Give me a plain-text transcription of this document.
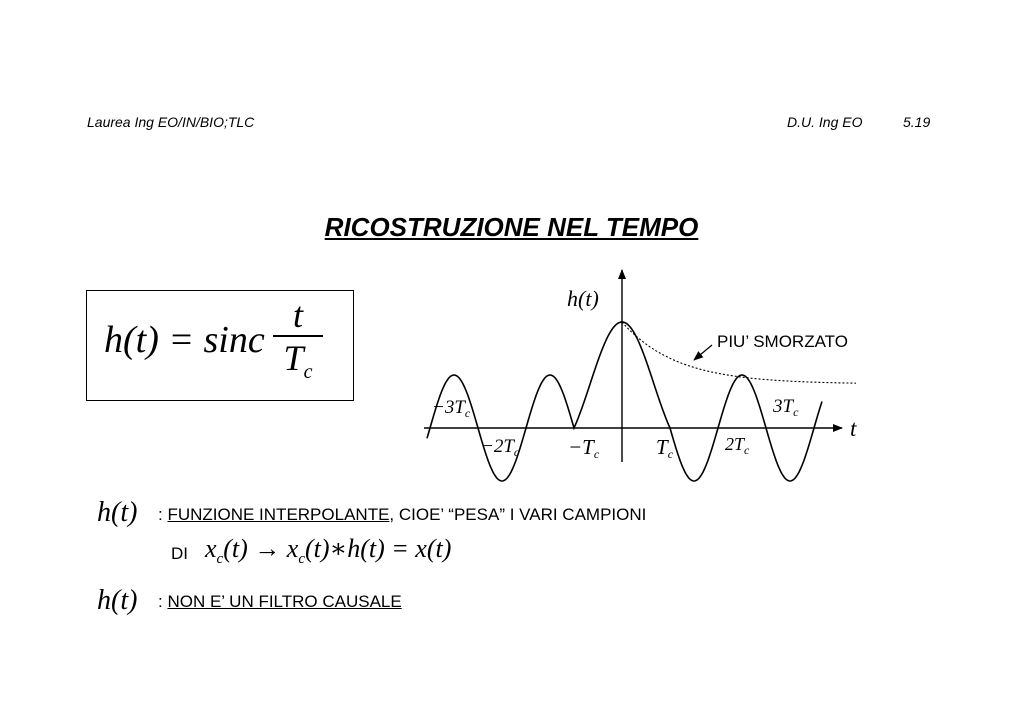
Laurea Ing EO/IN/BIO;TLC	D.U. Ing EO	5.19
RICOSTRUZIONE NEL TEMPO
h(t) = sinc
t
$T_c$
h(t)
t
PIU’ SMORZATO
$-3T_c$
$-2T_c -Tc$	Tc	$2T_c$
$3T_c$
h(t) : FUNZIONE INTERPOLANTE, CIOE’ “PESA” I VARI CAMPIONI
DI $x_c(t)$ → $x_c(t)∗h(t) = x(t)$
h(t) : NON E’ UN FILTRO CAUSALE
